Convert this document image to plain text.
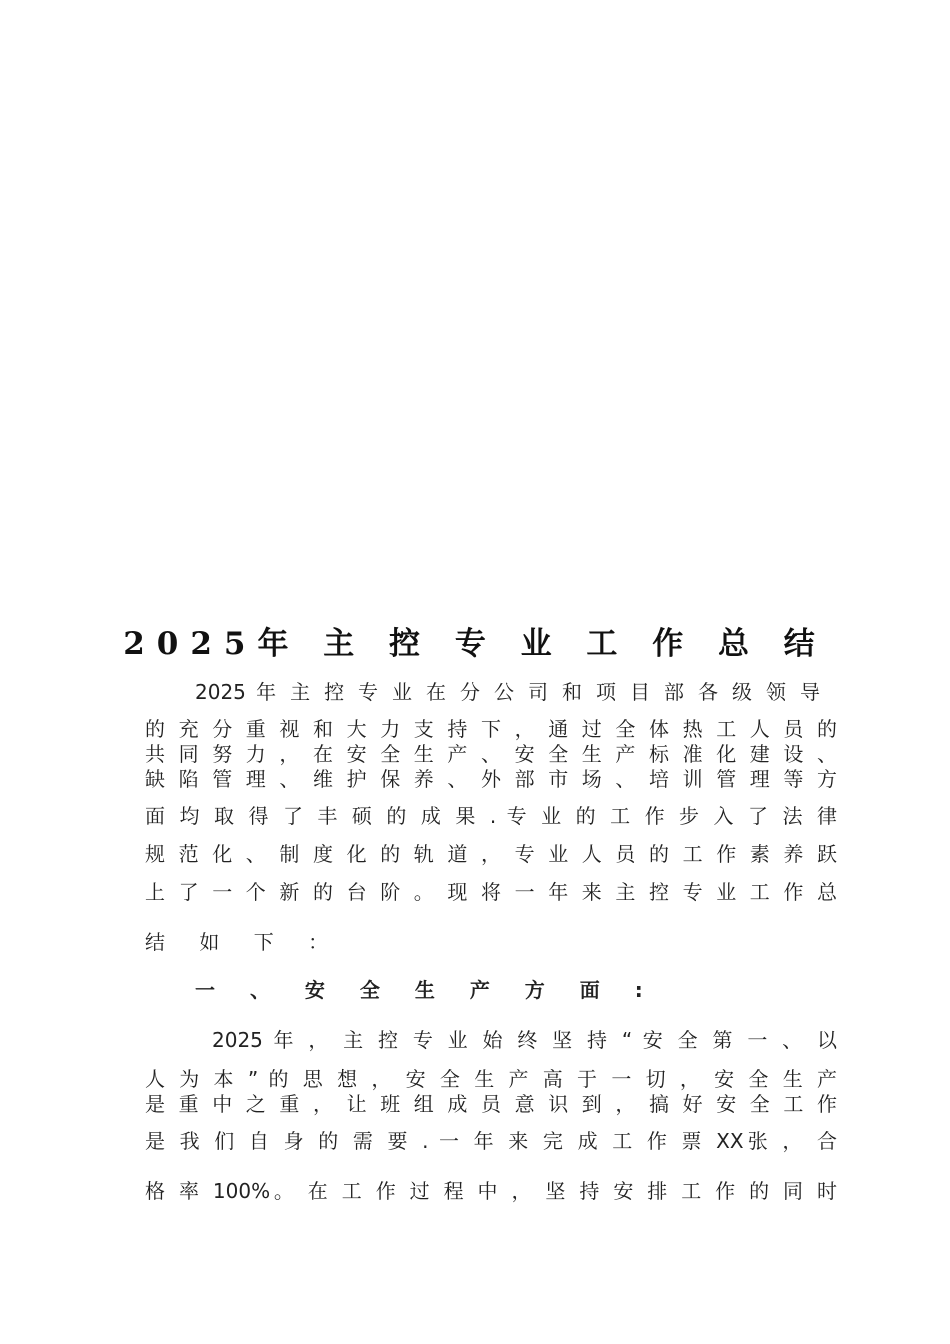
2025年 主 控 专 业 工 作 总 结
2025 年 主 控 专 业 在 分 公 司 和 项 目 部 各 级 领 导
的 充 分 重 视 和 大 力 支 持 下 ， 通 过 全 体 热 工 人 员 的
共 同 努 力 ， 在 安 全 生 产 、 安 全 生 产 标 准 化 建 设 、
缺 陷 管 理 、 维 护 保 养 、 外 部 市 场 、 培 训 管 理 等 方
面 均 取 得 了 丰 硕 的 成 果 . 专 业 的 工 作 步 入 了 法 律
规 范 化 、 制 度 化 的 轨 道 ， 专 业 人 员 的 工 作 素 养 跃
上 了 一 个 新 的 台 阶 。 现 将 一 年 来 主 控 专 业 工 作 总
结 如 下 ：
一 、 安 全 生 产 方 面 :
2025 年 ， 主 控 专 业 始 终 坚 持 “ 安 全 第 一 、 以
人 为 本 ” 的 思 想 ， 安 全 生 产 高 于 一 切 ， 安 全 生 产
是 重 中 之 重 ， 让 班 组 成 员 意 识 到 ， 搞 好 安 全 工 作
是 我 们 自 身 的 需 要 . 一 年 来 完 成 工 作 票 XX张 ， 合
格 率 100%。 在 工 作 过 程 中 ， 坚 持 安 排 工 作 的 同 时
